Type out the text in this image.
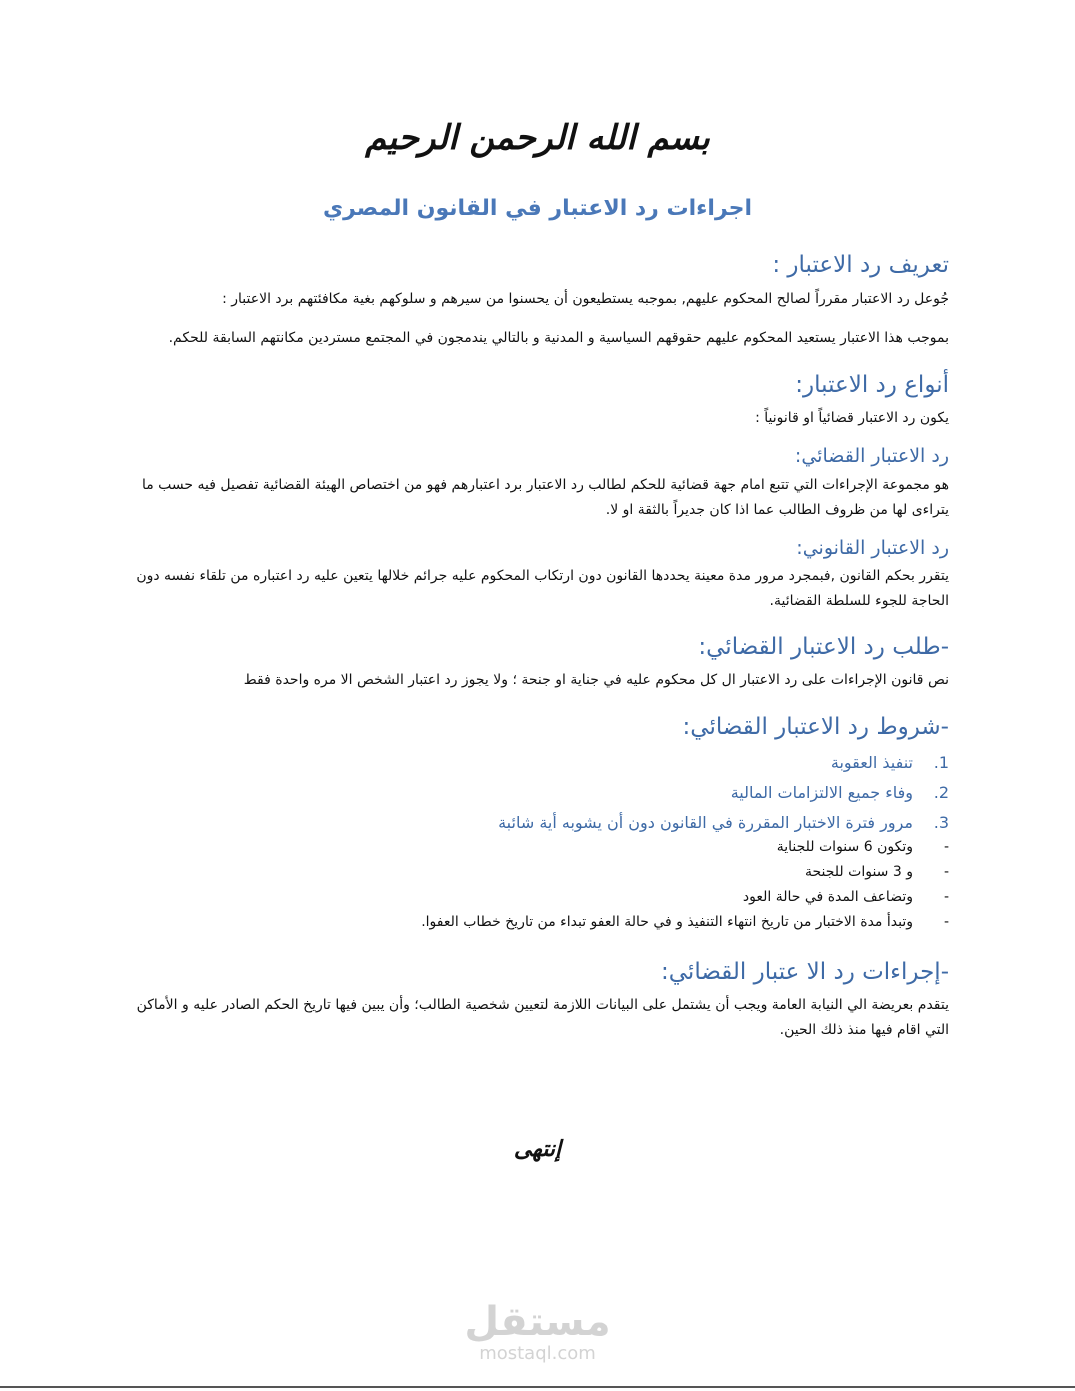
بسم الله الرحمن الرحيم
اجراءات رد الاعتبار في القانون المصري
تعريف رد الاعتبار :
جُوعل رد الاعتبار مقرراً لصالح المحكوم عليهم, بموجبه يستطيعون أن يحسنوا من سيرهم و سلوكهم بغية مكافئتهم برد الاعتبار :
بموجب هذا الاعتبار يستعيد المحكوم عليهم حقوقهم السياسية و المدنية و بالتالي يندمجون في المجتمع مستردين مكانتهم السابقة للحكم.
أنواع رد الاعتبار:
يكون رد الاعتبار قضائياً او قانونياً :
رد الاعتبار القضائي:
هو مجموعة الإجراءات التي تتبع امام جهة قضائية للحكم لطالب رد الاعتبار برد اعتبارهم فهو من اختصاص الهيئة القضائية تفصيل فيه حسب ما يتراءى لها من ظروف الطالب عما اذا كان جديراً بالثقة او لا.
رد الاعتبار القانوني:
يتقرر بحكم القانون ,فبمجرد مرور مدة معينة يحددها القانون دون ارتكاب المحكوم عليه جرائم خلالها يتعين عليه رد اعتباره من تلقاء نفسه دون الحاجة للجوء للسلطة القضائية.
-طلب رد الاعتبار القضائي:
نص قانون الإجراءات على رد الاعتبار ال كل محكوم عليه في جناية او جنحة ؛ ولا يجوز رد اعتبار الشخص الا مره واحدة فقط
-شروط رد الاعتبار القضائي:
1.تنفيذ العقوبة
2.وفاء جميع الالتزامات المالية
3.مرور فترة الاختبار المقررة في القانون دون أن يشوبه أية شائبة
-وتكون 6 سنوات للجناية
-و 3 سنوات للجنحة
-وتضاعف المدة في حالة العود
-وتبدأ مدة الاختبار من تاريخ انتهاء التنفيذ و في حالة العفو تبداء من تاريخ خطاب العفوا.
-إجراءات رد الا عتبار القضائي:
يتقدم بعريضة الي النيابة العامة ويجب أن يشتمل على البيانات اللازمة لتعيين شخصية الطالب؛ وأن يبين فيها تاريخ الحكم الصادر عليه و الأماكن التي اقام فيها منذ ذلك الحين.
إنتهى
مستقل
mostaql.com
